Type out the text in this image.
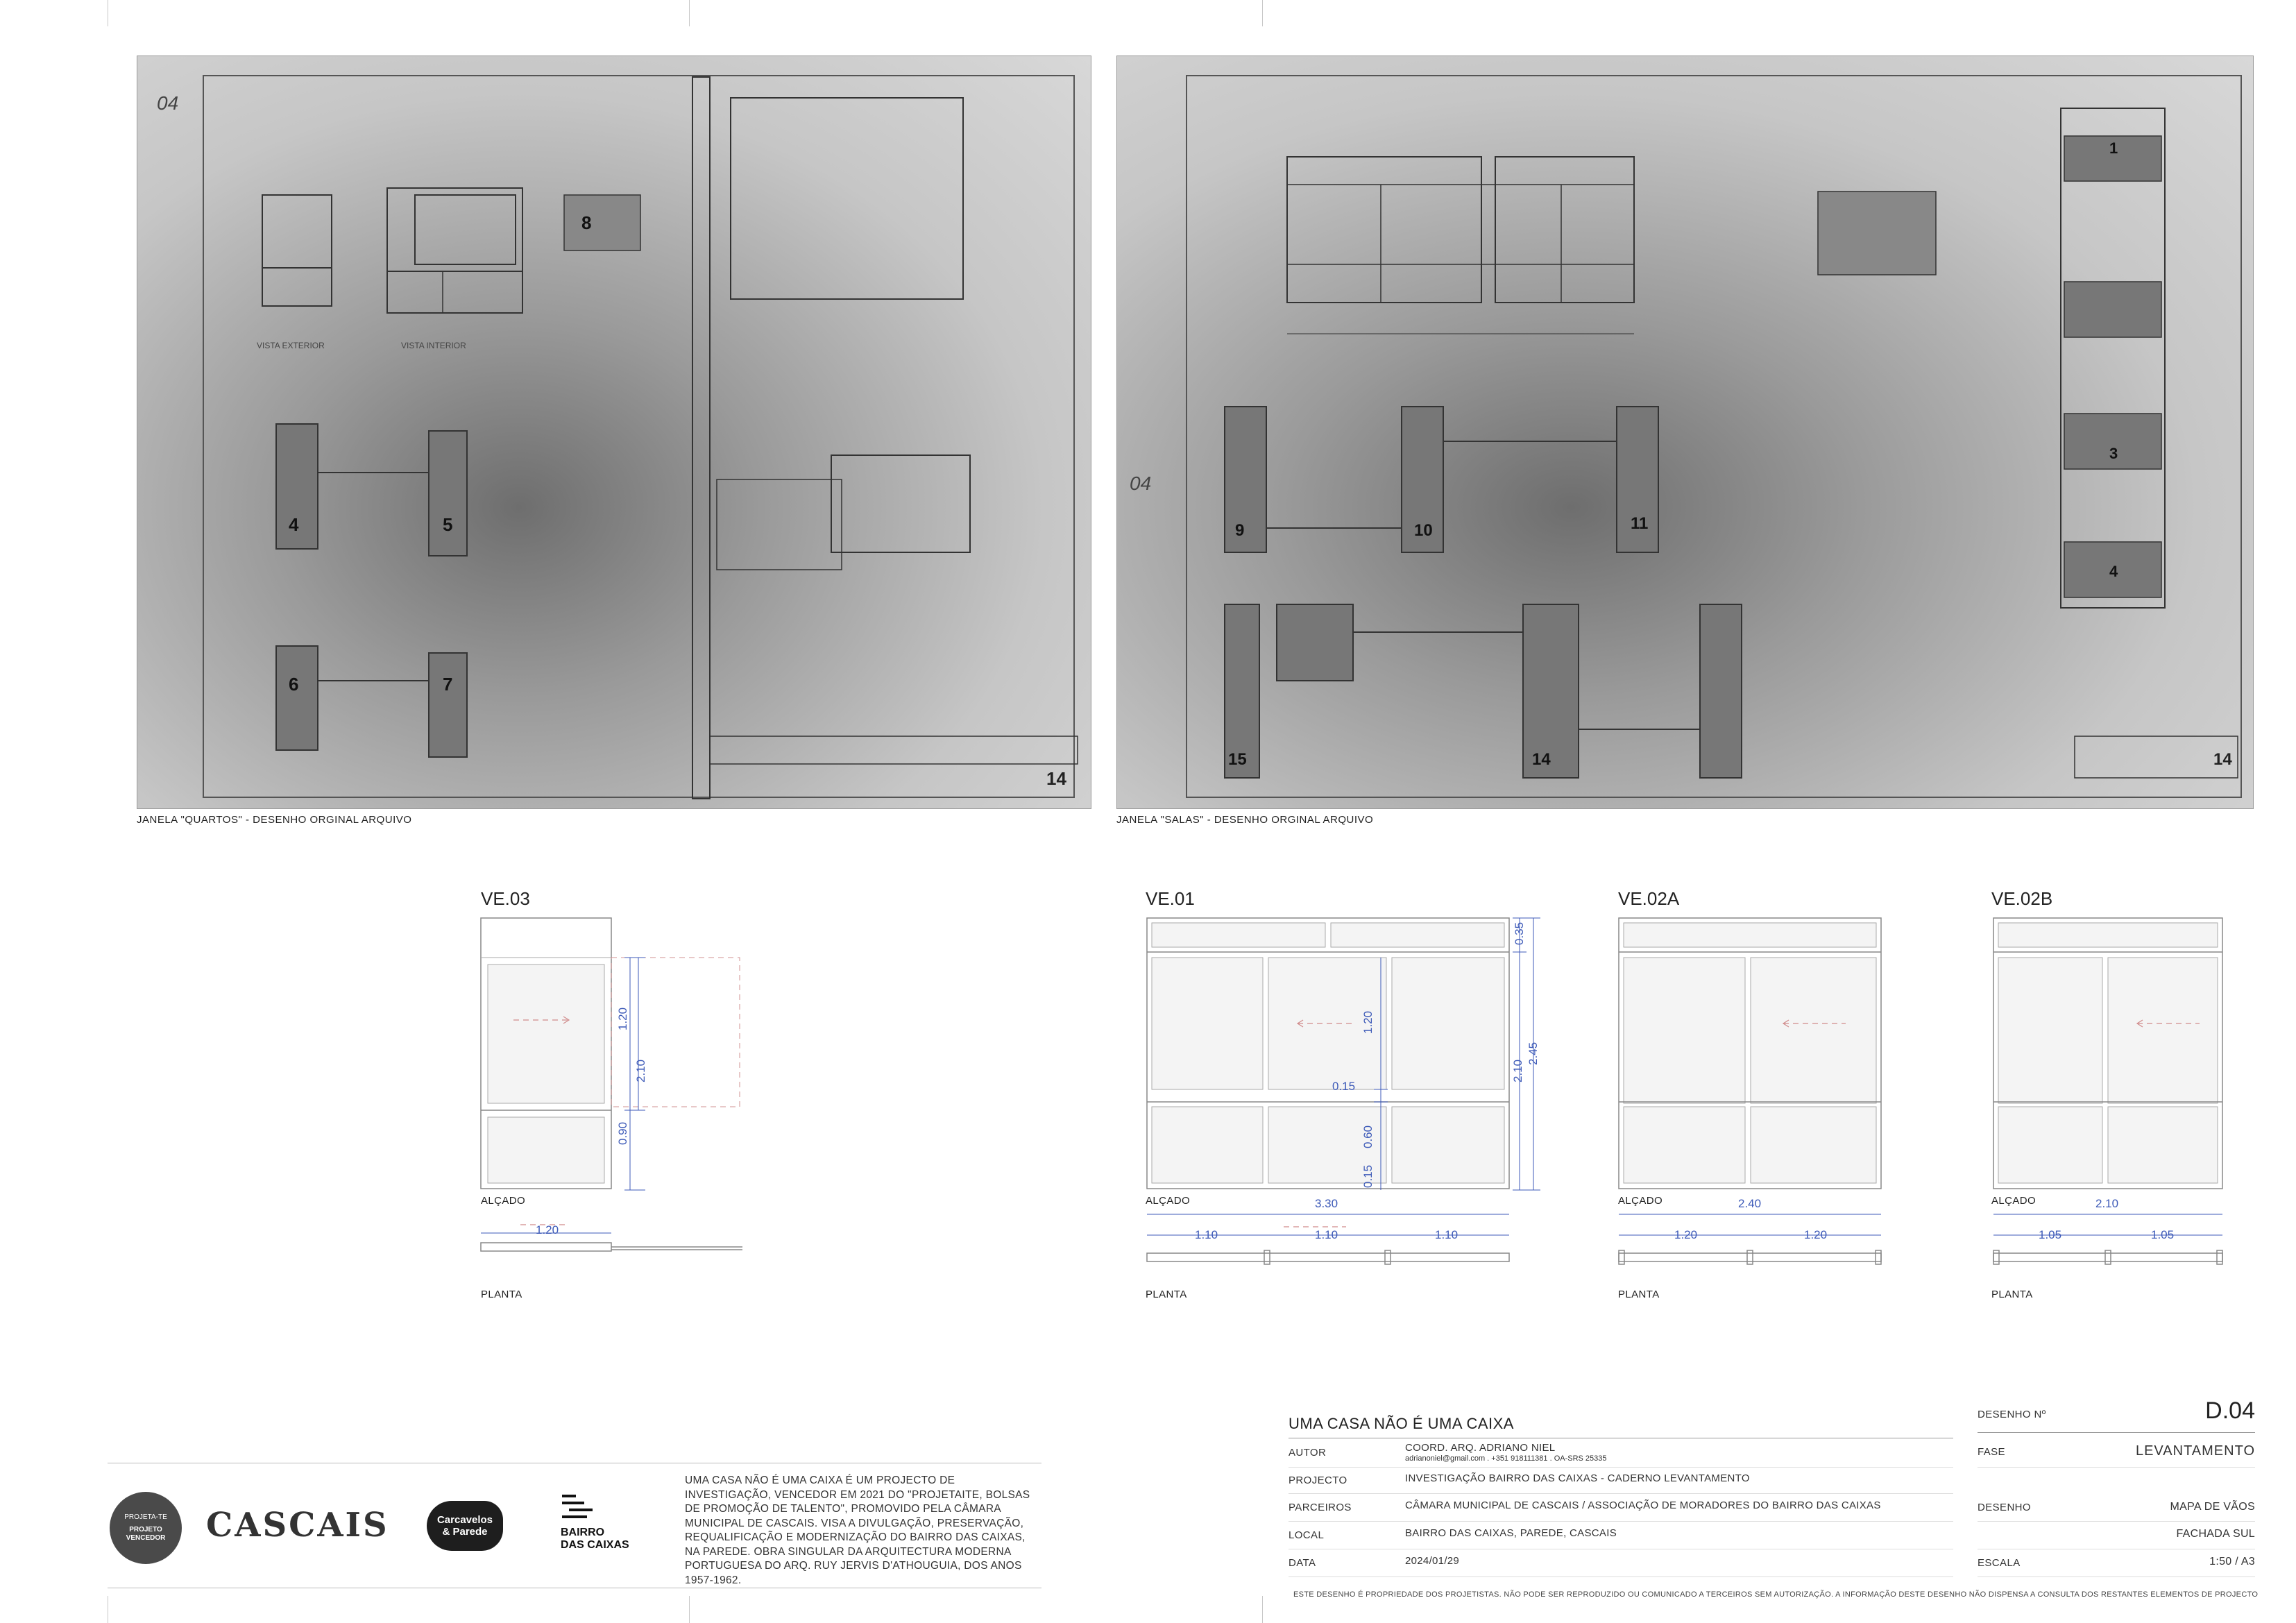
04
14
VISTA EXTERIOR	VISTA INTERIOR
4	5
6	7
8
JANELA "QUARTOS" - DESENHO ORGINAL ARQUIVO
04
14
1
3
4
9	10	11
14
15
JANELA "SALAS" - DESENHO ORGINAL ARQUIVO
VE.03
1.20
2.10
0.90
ALÇADO
1.20
PLANTA
VE.01
0.35
1.20
2.10
2.45
0.15
0.60
0.15
ALÇADO	3.30
1.10	1.10	1.10
PLANTA
VE.02A
ALÇADO	2.40
1.20	1.20
PLANTA
VE.02B
ALÇADO	2.10
1.05	1.05
PLANTA
PROJETA-TE
PROJETO
VENCEDOR CASCAIS	Carcavelos
& Parede	BAIRRO
DAS CAIXAS
UMA CASA NÃO É UMA CAIXA É UM PROJECTO DE INVESTIGAÇÃO, VENCEDOR EM 2021 DO "PROJETAITE, BOLSAS DE PROMOÇÃO DE TALENTO", PROMOVIDO PELA CÂMARA MUNICIPAL DE CASCAIS. VISA A DIVULGAÇÃO, PRESERVAÇÃO, REQUALIFICAÇÃO E MODERNIZAÇÃO DO BAIRRO DAS CAIXAS, NA PAREDE. OBRA SINGULAR DA ARQUITECTURA MODERNA PORTUGUESA DO ARQ. RUY JERVIS D'ATHOUGUIA, DOS ANOS 1957-1962.
UMA CASA NÃO É UMA CAIXA
AUTOR	COORD. ARQ. ADRIANO NIEL
adrianoniel@gmail.com . +351 918111381 . OA-SRS 25335
PROJECTO	INVESTIGAÇÃO BAIRRO DAS CAIXAS - CADERNO LEVANTAMENTO
PARCEIROS	CÂMARA MUNICIPAL DE CASCAIS / ASSOCIAÇÃO DE MORADORES DO BAIRRO DAS CAIXAS
LOCAL	BAIRRO DAS CAIXAS, PAREDE, CASCAIS
DATA	2024/01/29
DESENHO Nº	D.04
FASE	LEVANTAMENTO
DESENHO	MAPA DE VÃOS
FACHADA SUL
ESCALA	1:50 / A3
ESTE DESENHO É PROPRIEDADE DOS PROJETISTAS. NÃO PODE SER REPRODUZIDO OU COMUNICADO A TERCEIROS SEM AUTORIZAÇÃO. A INFORMAÇÃO DESTE DESENHO NÃO DISPENSA A CONSULTA DOS RESTANTES ELEMENTOS DE PROJECTO
